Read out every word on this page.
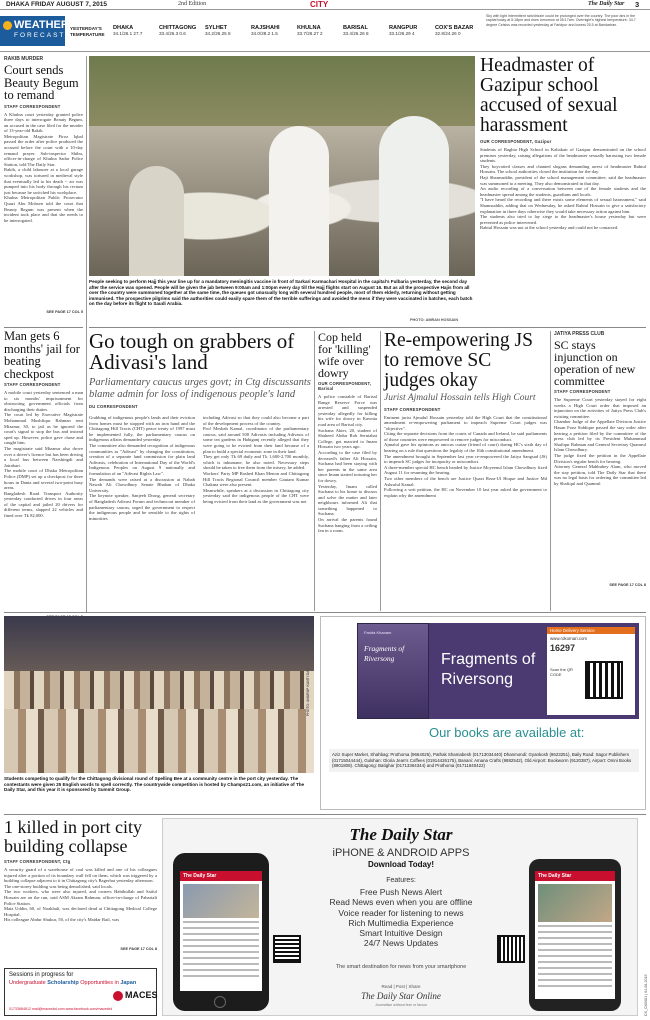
DHAKA FRIDAY AUGUST 7, 2015	2nd Edition	CITY	The Daily Star 3
WEATHER
FORECAST
YESTERDAY'S TEMPERATURE
DHAKA
34.1/26.1 27.7
CHITTAGONG
33.4/26.3 0.6
SYLHET
34.2/26.25 8
RAJSHAHI
34.0/28.2 1.5
KHULNA
33.7/26.27 2
BARISAL
33.4/26.26 8
RANGPUR
33.1/26.29 4
COX'S BAZAR
32.8/24.26 0
Sky with light intermittent rain/drizzle could be prolonged over the country. The poor airs in the capital today at 5:18pm and rises tomorrow at 05:17am. Overnight's highest temperature: 34.7 degree Celsius was recorded yesterday at Faridpur and lowest 25.5 at Bandarban.
RAKIB MURDER
Court sends Beauty Begum to remand
STAFF CORRESPONDENT
A Khulna court yesterday granted police three days to interrogate Beauty Begum, an accused in the case filed for the murder of 13-year-old Rakib.
Metropolitan Magistrate Firoz Iqbal passed the order after police produced the accused before the court with a 10-day remand prayer. Sub-inspector Shibu, officer-in-charge of Khulna Sadar Police Station, told The Daily Star.
Rakib, a child labourer at a local garage workshop, was tortured in medieval style that eventually led to his death -- air was pumped into his body through his rectum just because he switched his workplace.
Khulna Metropolitan Public Prosecutor Quazi Abu Mohsen told the court that Beauty Begum was present when the incident took place and that she needs to be interrogated.
SEE PAGE 17 COL 5
Man gets 6 months' jail for beating checkpost
STAFF CORRESPONDENT
A mobile court yesterday sentenced a man to six months' imprisonment for obstructing government officials from discharging their duties.
The court led by Executive Magistrate Mohammad Mushfiqur Rahman sent Mizanur, 30, to jail as he ignored the court's signal to stop the bus and instead sped up. However, police gave chase and caught him.
The magistrate said Mizanur also drove over a driver's licence but has been driving a local bus between Narshingdi and Jatrabari.
The mobile court of Dhaka Metropolitan Police (DMP) set up a checkpost for three hours in Dania and several two-point busy areas.
Bangladesh Road Transport Authority yesterday conducted drives in four areas of the capital and jailed 20 drivers for different terms, slapped 22 vehicles and fined over Tk 82,000.
People seeking to perform Hajj this year line up for a mandatory meningitis vaccine in front of Sarkari Karmachari Hospital in the capital's Fulbaria yesterday, the second day after the service was opened. People will be given the jab between 9:00am and 1:00pm every day till the Hajj flights start on August 16. But as all the prospective Hajis from all over the country were summoned together at the same time, the queues got unusually long with several hundred people, most of them elderly, returning without getting immunised. The prospective pilgrims said the authorities could easily spare them of the terrible sufferings and avoided the mess if they were vaccinated in batches, each batch on the day before its flight to Saudi Arabia.
PHOTO: AMRAN HOSSAIN
Headmaster of Gazipur school accused of sexual harassment
OUR CORRESPONDENT, Gazipur
Students of Baghia High School in Kaliakair of Gazipur demonstrated on the school premises yesterday, raising allegations of the headmaster sexually harassing two female students.
They boycotted classes and chanted slogans demanding arrest of headmaster Rabiul Hossain. The school authorities closed the institution for the day.
Haji Shamsuddin, president of the school management committee, said the headmaster was summoned to a meeting. They also demonstrated in that day.
An audio recording of a conversation between one of the female students and the headmaster spread among the students, guardians and locals.
"I have heard the recording and there exists some elements of sexual harassment," said Shamsuddin, adding that on Wednesday, he asked Rabiul Hossain to give a satisfactory explanation in three days otherwise they would take necessary action against him.
The students also tried to lay siege to the headmaster's house yesterday but were prevented as police intervened.
Rabiul Hossain was not at the school yesterday and could not be contacted.
Go tough on grabbers of Adivasi's land
Parliamentary caucus urges govt; in Ctg discussants blame admin for loss of indigenous people's land
DU CORRESPONDENT
Grabbing of indigenous people's lands and their eviction from homes must be stopped with an iron hand and the Chittagong Hill Tracts (CHT) peace treaty of 1997 must be implemented fully, the parliamentary caucus on indigenous affairs demanded yesterday.
The committee also demanded recognition of indigenous communities as "Adivasi" by changing the constitution, creation of a separate land commission for plain land Adivasis, celebration of International Day of the World's Indigenous Peoples on August 9 nationally and formulation of an "Adivasi Rights Law".
The demands were raised at a discussion at Nabab Nawab Ali Chowdhury Senate Bhaban of Dhaka University.
The keynote speaker, Sanjeeb Drong, general secretary of Bangladesh Adivasi Forum and technocrat member of parliamentary caucus, urged the government to respect the indigenous people and be sensible to the rights of minorities
including Adivasi so that they could also become a part of the development process of the country.
Prof Mesbah Kamal, coordinator of the parliamentary caucus, said around 500 Adivasis including Adivasis of some tea gardens in Habiganj recently alleged that they were going to be evicted from their land because of a plan to build a special economic zone in their land.
They get only Tk 69 daily and Tk 1,600-2,700 monthly, which is inhumane, he also noted. Necessary steps should be taken to free them from the misery, he added.
Workers' Party MP Rashed Khan Menon and Chittagong Hill Tracts Regional Council member Gautam Kumar Chakma were also present.
Meanwhile, speakers at a discussion in Chittagong city yesterday said the indigenous people of the CHT were being evicted from their land as the government was not
Cop held for 'killing' wife over dowry
OUR CORRESPONDENT, Barisal
A police constable of Barisal Range Reserve Force was arrested and suspended yesterday allegedly for killing his wife for dowry in Kawnia road area of Barisal city.
Suchana Akter, 20, student of Shaheed Abdur Rob Serniabat College, got married to Imam Hossain two years ago.
According to the case filed by deceased's father Ali Hossain, Suchana had been staying with her parents in the same area since Imam started torturing her for dowry.
Yesterday, Imam called Suchana to his home to discuss and solve the matter and later neighbours informed Ali that something happened to Suchana.
On arrival the parents found Suchana hanging from a ceiling fan in a room.
Re-empowering JS to remove SC judges okay
Jurist Ajmalul Hossain tells High Court
STAFF CORRESPONDENT
Eminent jurist Ajmalul Hossain yesterday told the High Court that the constitutional amendment re-empowering parliament to impeach Supreme Court judges was "objective".
Citing the separate decisions from the courts of Canada and Ireland, he said parliaments of those countries were empowered to remove judges for misconduct.
Ajmalul gave his opinions as amicus curiae (friend of court) during HC's sixth day of hearing on a rule that questions the legality of the 16th constitutional amendment.
The amendment brought in September last year re-empowered the Jatiya Sangsad (JS) to impeach SC judges for incapacity or misconduct.
A three-member special HC bench headed by Justice Moyeenul Islam Chowdhury fixed August 11 for resuming the hearing.
Two other members of the bench are Justice Quazi Reza-Ul Hoque and Justice Md Ashraful Kamal.
Following a writ petition, the HC on November 10 last year asked the government to explain why the amendment
JATIYA PRESS CLUB
SC stays injunction on operation of new committee
STAFF CORRESPONDENT
The Supreme Court yesterday stayed for eight weeks a High Court order that imposed an injunction on the activities of Jatiya Press Club's existing committee.
Chamber Judge of the Appellate Division Justice Hasan Foez Siddique passed the stay order after hearing a petition filed by the committee of the press club led by its President Muhammad Shafiqur Rahman and General Secretary Quamrul Islam Chowdhury.
The judge fixed the petition in the Appellate Division's regular bench for hearing.
Attorney General Mahbubey Alam, who moved the stay petition, told The Daily Star that there was no legal basis for ordering the committee led by Shafiqul and Quamrul
SEE PAGE 17 COL 8
PHOTO: ANURUP KANTI DAS
Students competing to qualify for the Chittagong divisional round of Spelling Bee at a community centre in the port city yesterday. The contestants were given 25 English words to spell correctly. The countrywide competition is hosted by Champs21.com, an initiative of The Daily Star, and this year it is sponsored by Summit Group.
Farida Khanam
Fragments of
Riversong	Fragments of
Riversong
Home Delivery Service
www.rokomari.com
16297
Scan the QR CODE
Our books are available at:
Aziz Super Market, Shahbag: Prothoma (9664025), Pathak Shamabesh (01713034440) Dhanmondi: Gyankosh (9623251), Baily Road: Sagor Publishers (01715044444), Gulshan: Gloria Jean's Coffees (01914426175), Banani: Amana Crafts (9882542), Old Airport: Bookworm (9120387), Airport: Omni Books (8901808). Chittagong: Batighar (01713364344) and Prothoma (01711840422)
1 killed in port city building collapse
STAFF CORRESPONDENT, Ctg
A security guard of a warehouse of coal was killed and one of his colleagues injured after a portion of its boundary wall fell on them, which was triggered by a building collapse adjacent to it in Chittagong city's Bagerhat yesterday afternoon.
The one-storey building was being demolished, said locals.
The two workers, who were also injured, and owners Habibullah and Saiful Hossain are on the run, said ASM Akram Rahman, officer-in-charge of Pahartali Police Station.
Maiz Uddin, 60, of Noakhali, was declared dead at Chittagong Medical College Hospital.
His colleague Abdur Shukur, 50, of the city's Maidar Rail, was
SEE PAGE 17 COL 8
Sessions in progress for
Undergraduate Scholarship Opportunities in Japan
MACES
01733684612 mail@macesbd.com www.facebook.com/macesbd
The Daily Star
iPHONE & ANDROID APPS
Download Today!
Features:
Free Push News Alert
Read News even when you are offline
Voice reader for listening to news
Rich Multimedia Experience
Smart Intuitive Design
24/7 News Updates
The smart destination for news from your smartphone
Read | Post | Share
The Daily Star Online
Journalism without fear or favour
The Daily Star	The Daily Star
DS_CN0081 | 04-08-2015
